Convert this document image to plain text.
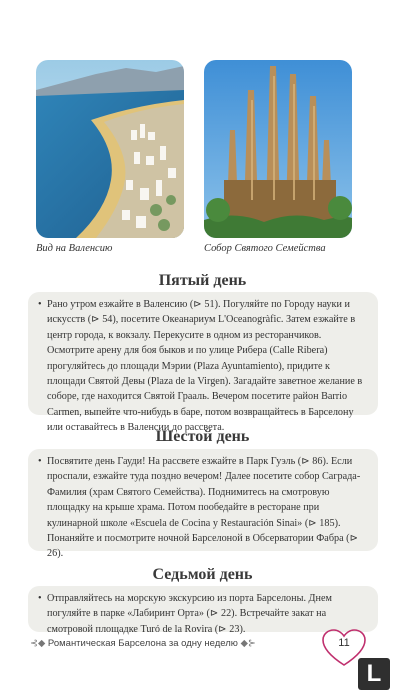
Вид на Валенсию	Собор Святого Семейства
Пятый день

• Рано утром езжайте в Валенсию (⊳ 51). Погуляйте по Городу науки и искусств (⊳ 54), посетите Океанариум L'Oceanogràfic. Затем езжайте в центр города, к вокзалу. Перекусите в одном из ресторанчиков. Осмотрите арену для боя быков и по улице Рибера (Calle Ribera) прогуляйтесь до площади Мэрии (Plaza Ayuntamiento), придите к площади Святой Девы (Plaza de la Virgen). Загадайте заветное желание в соборе, где находится Святой Грааль. Вечером посетите район Barrio Carmen, выпейте что-нибудь в баре, потом возвращайтесь в Барселону или оставайтесь в Валенсии до рассвета.

Шестой день

• Посвятите день Гауди! На рассвете езжайте в Парк Гуэль (⊳ 86). Если проспали, езжайте туда поздно вечером! Далее посетите собор Саграда-Фамилия (храм Святого Семейства). Поднимитесь на смотровую площадку на крыше храма. Потом пообедайте в ресторане при кулинарной школе «Escuela de Cocina y Restauración Sinai» (⊳ 185). Понаняйте и посмотрите ночной Барселоной в Обсерватории Фабра (⊳ 26).

Седьмой день

• Отправляйтесь на морскую экскурсию из порта Барселоны. Днем погуляйте в парке «Лабиринт Орта» (⊳ 22). Встречайте закат на смотровой площадке Turó de la Rovira (⊳ 23).

⊰◆ Романтическая Барселона за одну неделю ◆⊱	11
L
